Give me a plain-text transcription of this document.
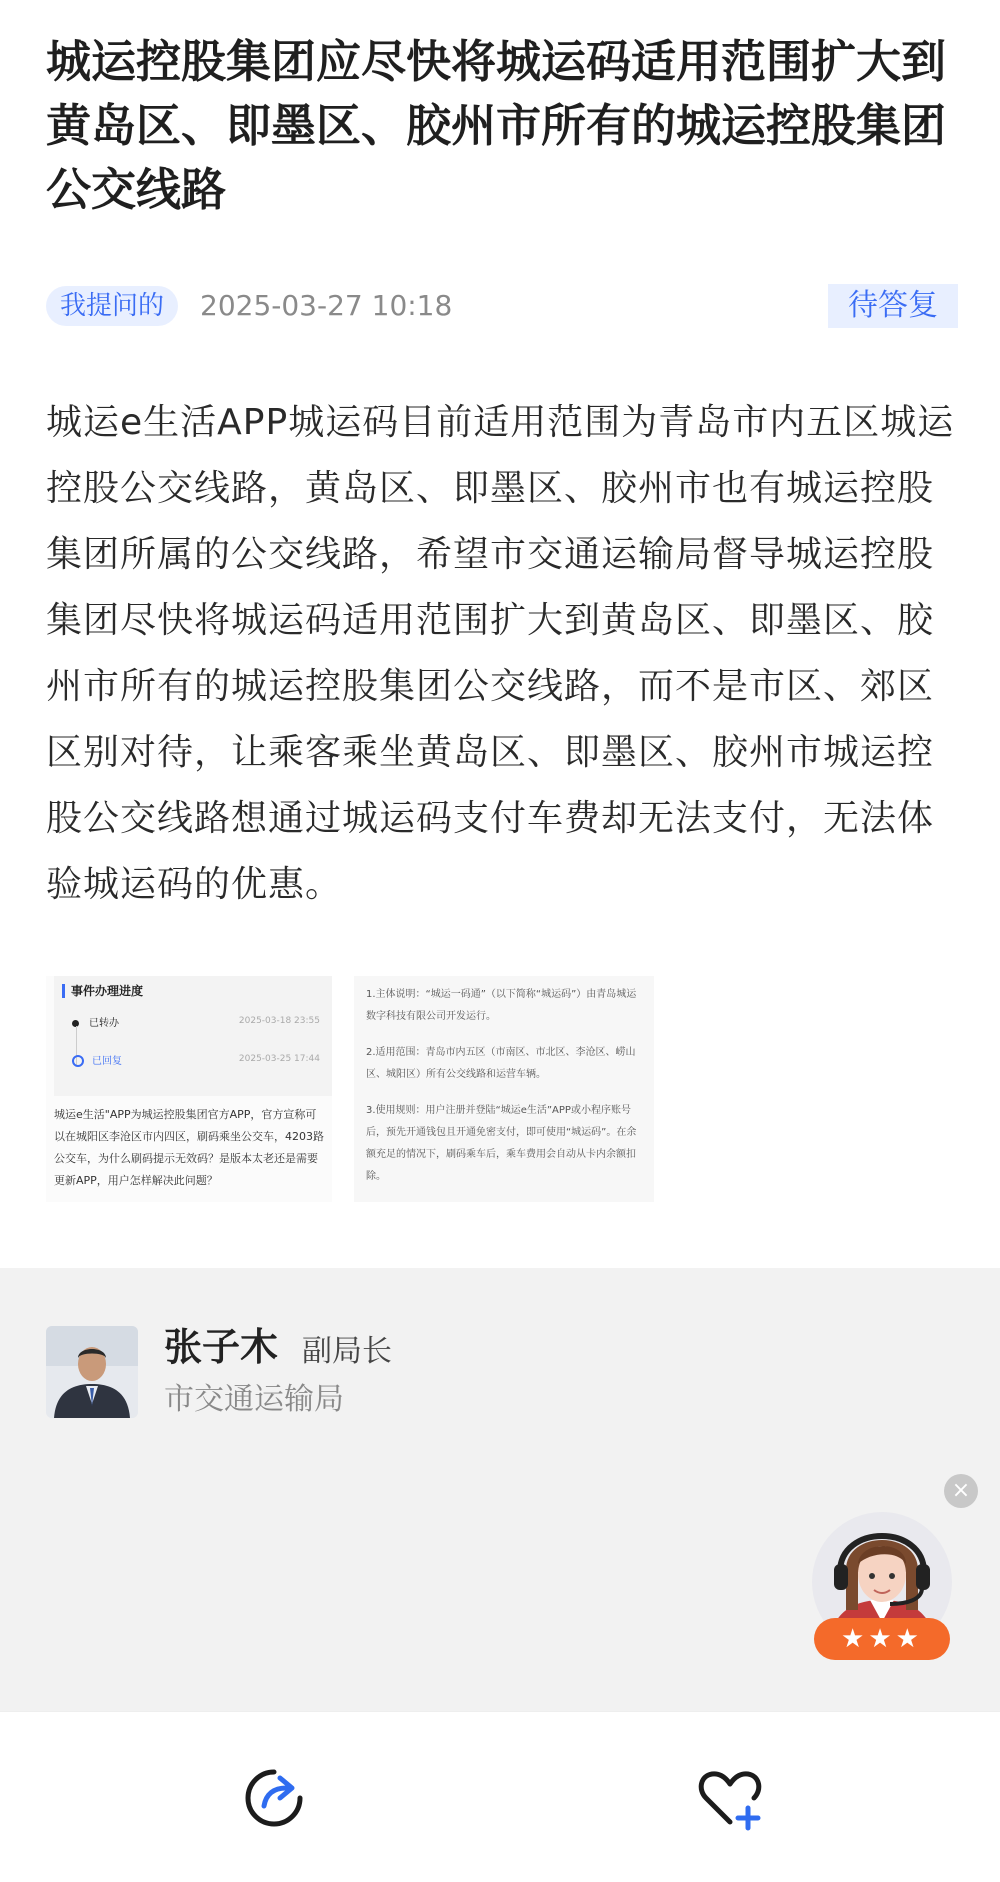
城运控股集团应尽快将城运码适用范围扩大到黄岛区、即墨区、胶州市所有的城运控股集团公交线路
我提问的	2025-03-27 10:18	待答复

城运e生活APP城运码目前适用范围为青岛市内五区城运控股公交线路，黄岛区、即墨区、胶州市也有城运控股集团所属的公交线路，希望市交通运输局督导城运控股集团尽快将城运码适用范围扩大到黄岛区、即墨区、胶州市所有的城运控股集团公交线路，而不是市区、郊区区别对待，让乘客乘坐黄岛区、即墨区、胶州市城运控股公交线路想通过城运码支付车费却无法支付，无法体验城运码的优惠。

事件办理进度
已转办	2025-03-18 23:55
已回复	2025-03-25 17:44

城运e生活"APP为城运控股集团官方APP，官方宣称可以在城阳区李沧区市内四区，刷码乘坐公交车，4203路公交车，为什么刷码提示无效码？是版本太老还是需要更新APP，用户怎样解决此问题？

1.主体说明：“城运一码通”（以下简称“城运码”）由青岛城运数字科技有限公司开发运行。

2.适用范围：青岛市内五区（市南区、市北区、李沧区、崂山区、城阳区）所有公交线路和运营车辆。

3.使用规则：用户注册并登陆“城运e生活”APP或小程序账号后，预先开通钱包且开通免密支付，即可使用“城运码”。在余额充足的情况下，刷码乘车后，乘车费用会自动从卡内余额扣除。

张子木 副局长
市交通运输局
×
★★★
